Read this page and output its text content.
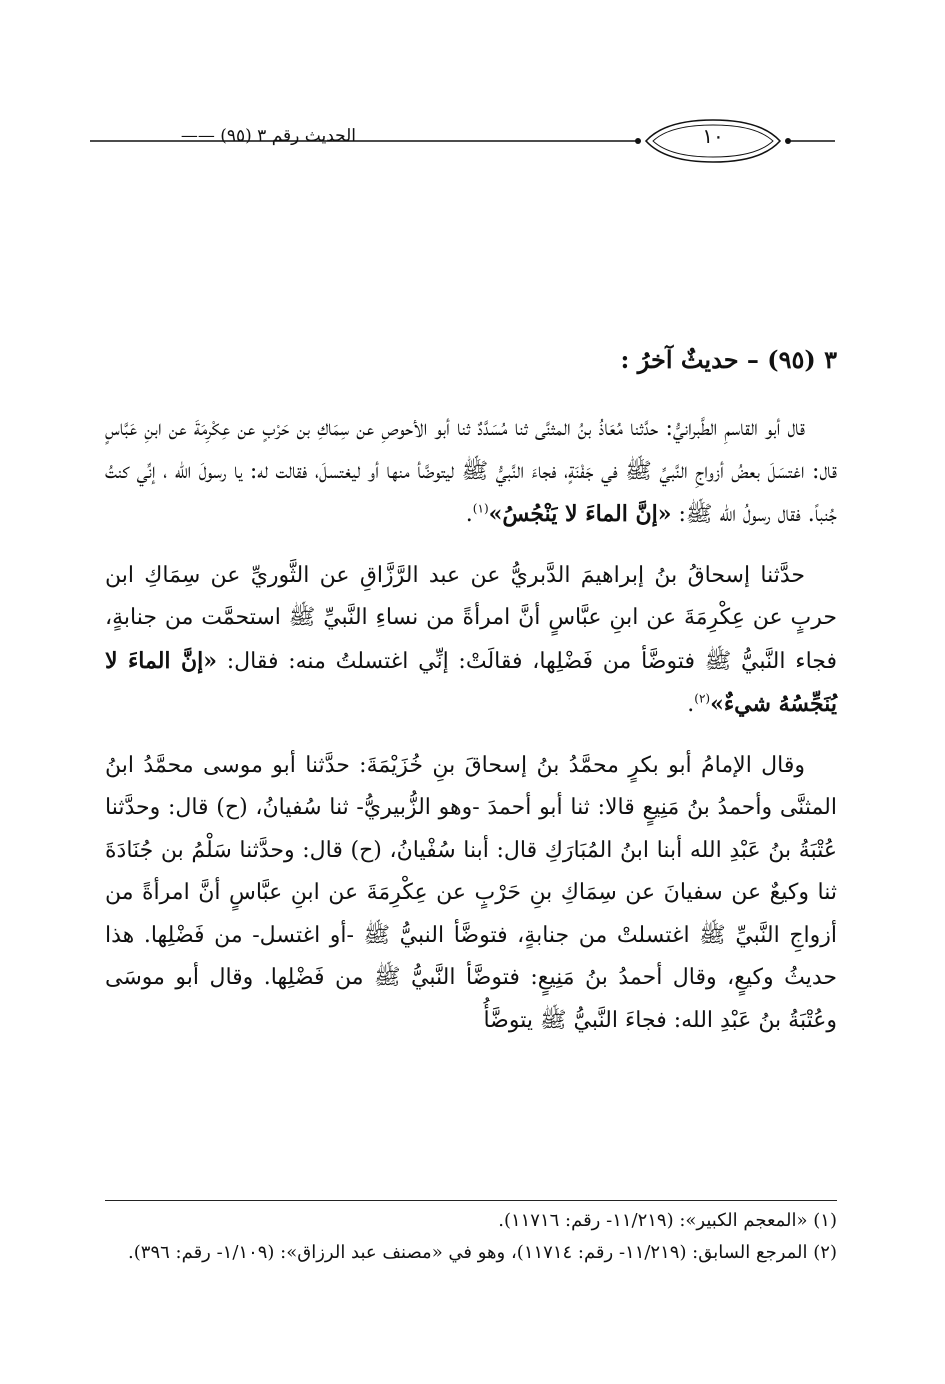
١٠
الحديث رقم ٣ (٩٥) ——
٣ (٩٥) – حديثٌ آخرُ :

قال أبو القاسمِ الطَّبرانيُّ: حدَّثنا مُعَاذُ بنُ المثنَّى ثنا مُسَدَّدٌ ثنا أبو الأحوصِ عن سِمَاكِ بن حَرْبٍ عن عِكْرِمَةَ عن ابنِ عَبَّاسٍ قال: اغتسَلَ بعضُ أزواجِ النَّبيِّ ﷺ في جَفْنَةٍ، فجاءَ النَّبيُّ ﷺ ليتوضَّأ منها أو ليغتسلَ، فقالت له: يا رسولَ الله ، إنِّي كنتُ جُنباً. فقال رسولُ الله ﷺ: «إنَّ الماءَ لا يَنْجُسُ»$^{(١)}$.

حدَّثنا إسحاقُ بنُ إبراهيمَ الدَّبريُّ عن عبد الرَّزَّاقِ عن الثَّوريِّ عن سِمَاكِ ابن حربٍ عن عِكْرِمَةَ عن ابنِ عبَّاسٍ أنَّ امرأةً من نساءِ النَّبيِّ ﷺ استحمَّت من جنابةٍ، فجاء النَّبيُّ ﷺ فتوضَّأ من فَضْلِها، فقالَتْ: إنِّي اغتسلتُ منه: فقال: «إنَّ الماءَ لا يُنَجِّسُهُ شيءٌ»$^{(٢)}$.

وقال الإمامُ أبو بكرٍ محمَّدُ بنُ إسحاقَ بنِ خُزَيْمَةَ: حدَّثنا أبو موسى محمَّدُ ابنُ المثنَّى وأحمدُ بنُ مَنِيعٍ قالا: ثنا أبو أحمدَ -وهو الزُّبيريُّ- ثنا سُفيانُ، (ح) قال: وحدَّثنا عُتْبَةُ بنُ عَبْدِ الله أبنا ابنُ المُبَارَكِ قال: أبنا سُفْيانُ، (ح) قال: وحدَّثنا سَلْمُ بن جُنَادَةَ ثنا وكيعٌ عن سفيانَ عن سِمَاكِ بنِ حَرْبٍ عن عِكْرِمَةَ عن ابنِ عبَّاسٍ أنَّ امرأةً من أزواجِ النَّبيِّ ﷺ اغتسلتْ من جنابةٍ، فتوضَّأ النبيُّ ﷺ -أو اغتسل- من فَضْلِها. هذا حديثُ وكيعٍ، وقال أحمدُ بنُ مَنِيعٍ: فتوضَّأ النَّبيُّ ﷺ من فَضْلِها. وقال أبو موسَى وعُتْبَةُ بنُ عَبْدِ الله: فجاءَ النَّبيُّ ﷺ يتوضَّأُ

(١) «المعجم الكبير»: (١١/٢١٩- رقم: ١١٧١٦).

(٢) المرجع السابق: (١١/٢١٩- رقم: ١١٧١٤)، وهو في «مصنف عبد الرزاق»: (١/١٠٩- رقم: ٣٩٦).
